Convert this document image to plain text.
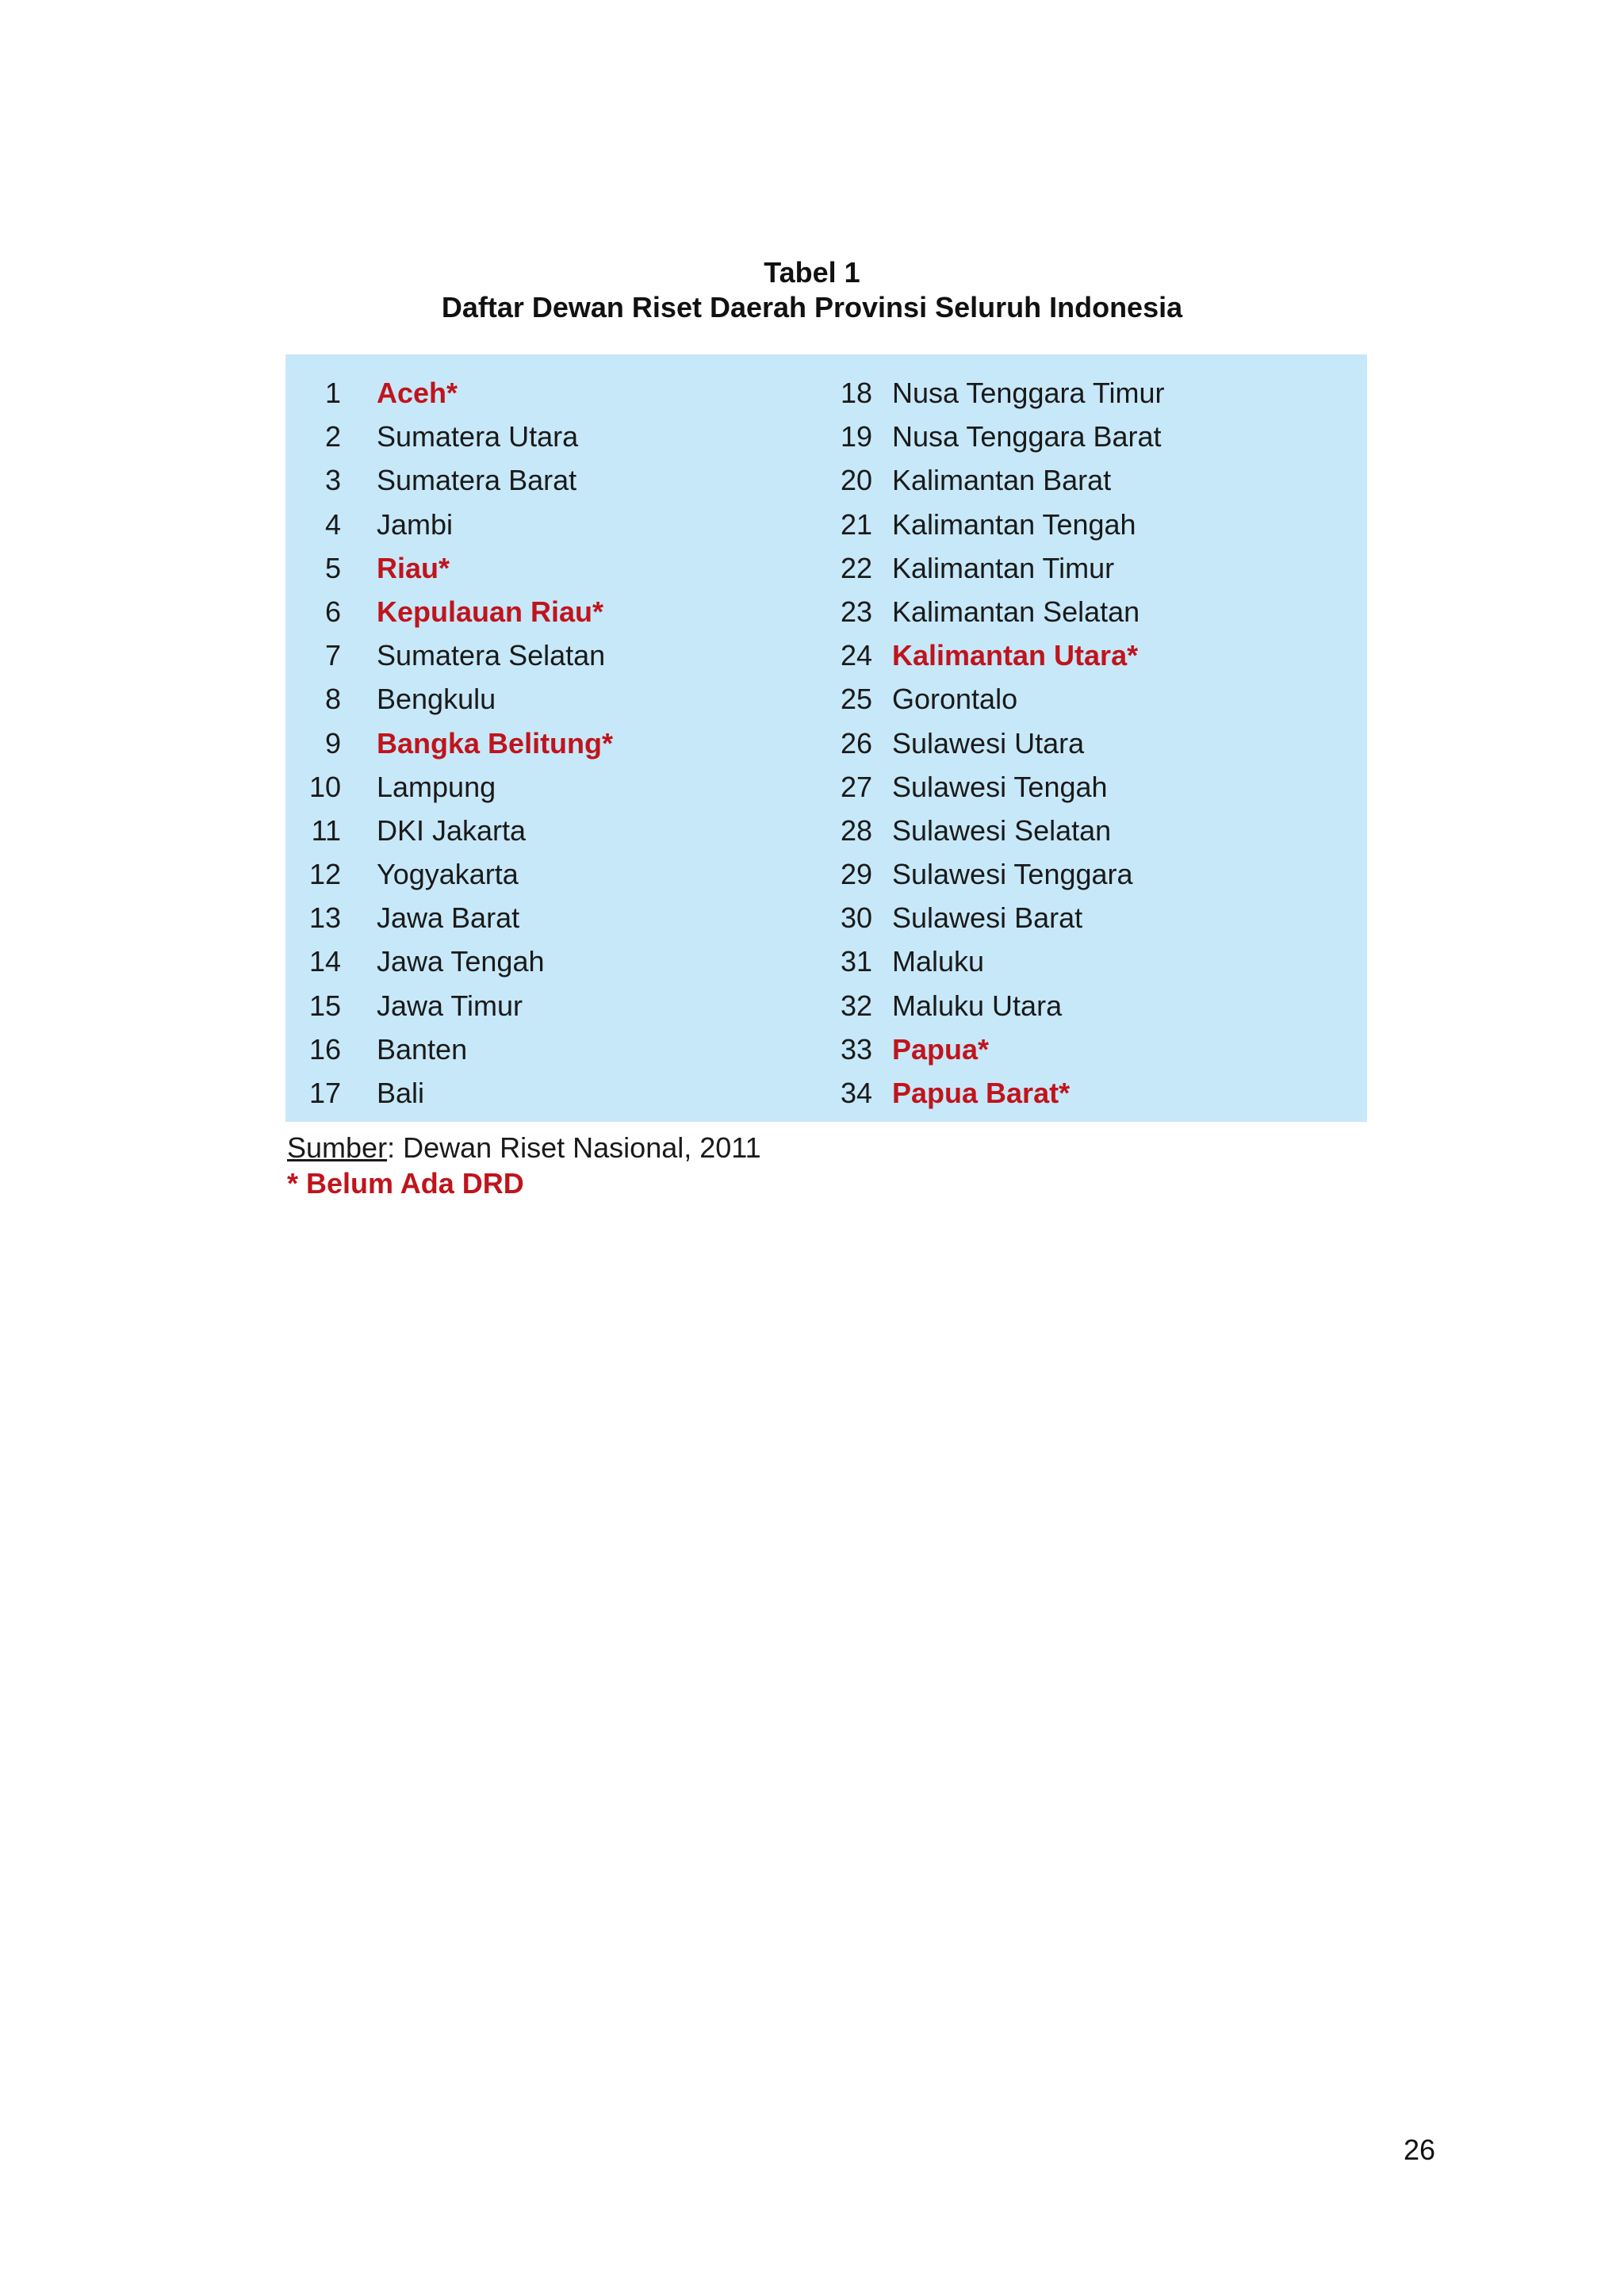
Tabel 1
Daftar Dewan Riset Daerah Provinsi Seluruh Indonesia
1 Aceh*
2 Sumatera Utara
3 Sumatera Barat
4 Jambi
5 Riau*
6 Kepulauan Riau*
7 Sumatera Selatan
8 Bengkulu
9 Bangka Belitung*
10 Lampung
11 DKI Jakarta
12 Yogyakarta
13 Jawa Barat
14 Jawa Tengah
15 Jawa Timur
16 Banten
17 Bali
18 Nusa Tenggara Timur
19 Nusa Tenggara Barat
20 Kalimantan Barat
21 Kalimantan Tengah
22 Kalimantan Timur
23 Kalimantan Selatan
24 Kalimantan Utara*
25 Gorontalo
26 Sulawesi Utara
27 Sulawesi Tengah
28 Sulawesi Selatan
29 Sulawesi Tenggara
30 Sulawesi Barat
31 Maluku
32 Maluku Utara
33 Papua*
34 Papua Barat*
Sumber: Dewan Riset Nasional, 2011
* Belum Ada DRD
26
